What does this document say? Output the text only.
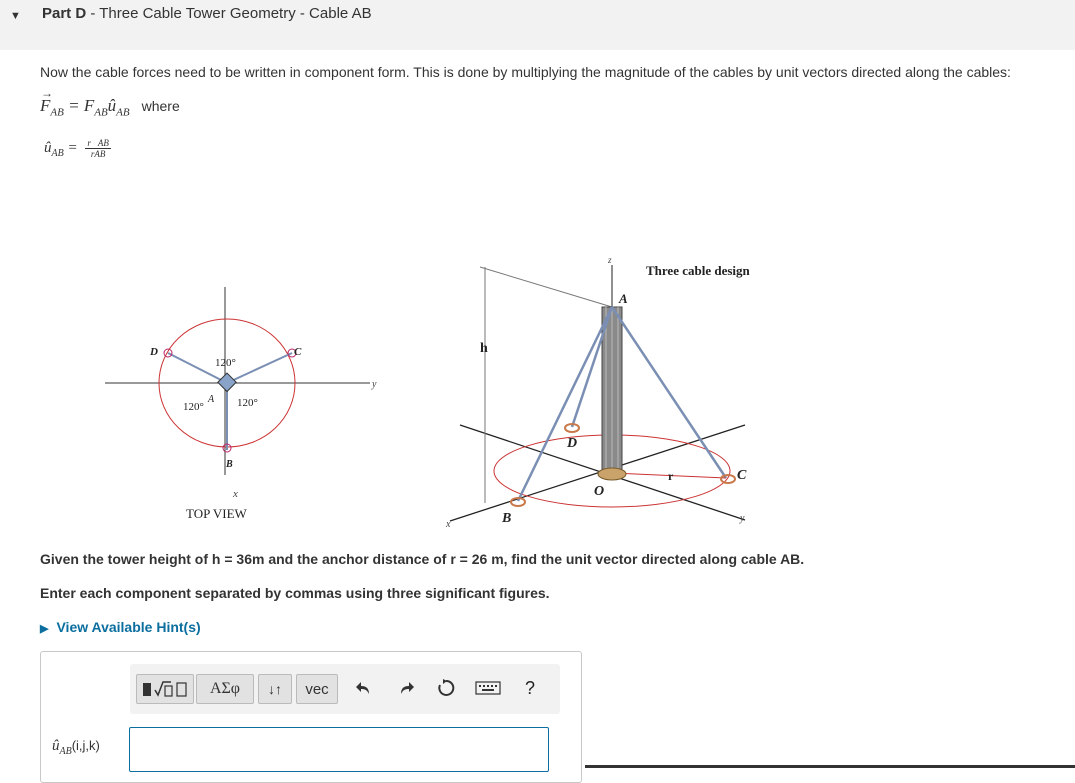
▼ Part D - Three Cable Tower Geometry - Cable AB
Now the cable forces need to be written in component form. This is done by multiplying the magnitude of the cables by unit vectors directed along the cables:
→
$F_{AB}$ = $F_{AB}û_{AB}$ where
$û_{AB} = \frac{r⃗AB}{\text{rAB}}$
D	C
B
A
120°
120°	120°
y
x
TOP VIEW
Three cable design
z
A
h
D
r	C
O
B
x
y
Given the tower height of h = 36m and the anchor distance of r = 26 m, find the unit vector directed along cable AB.
Enter each component separated by commas using three significant figures.
▶ View Available Hint(s)
ΑΣφ ↓↑ vec	?
$û_{AB}(i,j,k)$
